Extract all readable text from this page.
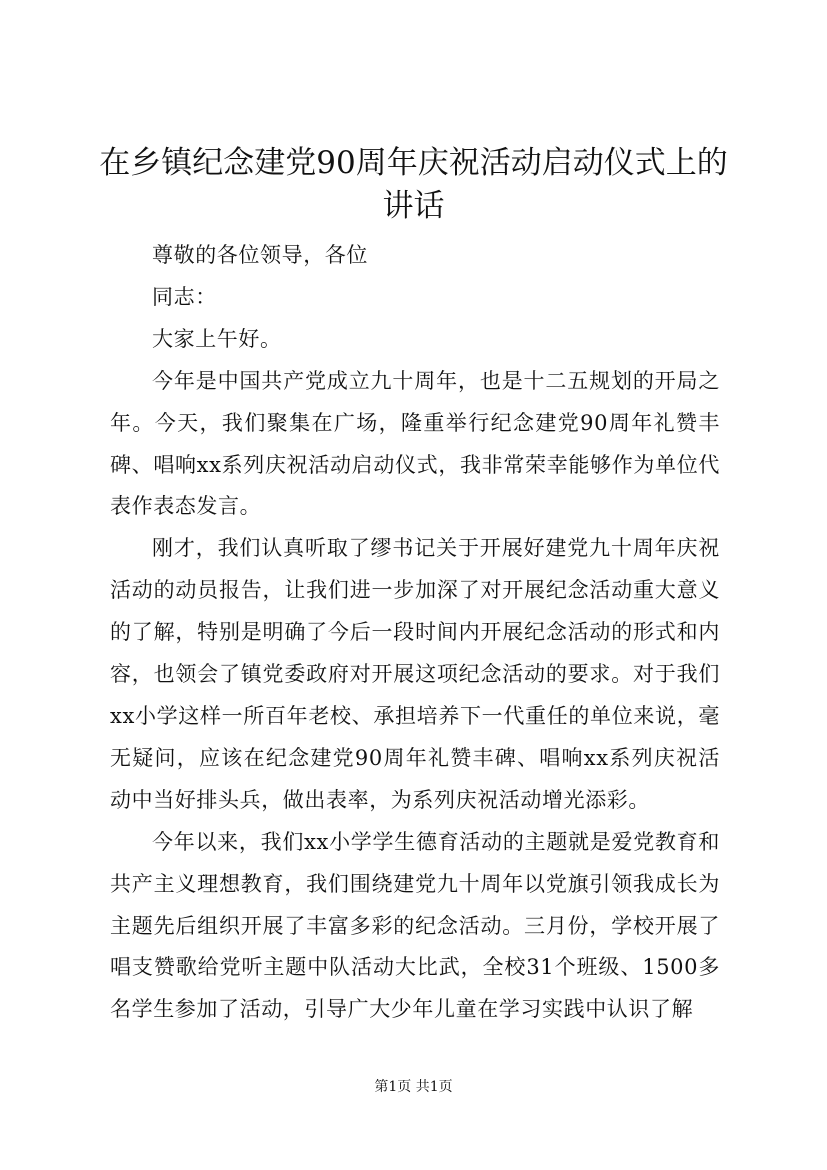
在乡镇纪念建党90周年庆祝活动启动仪式上的讲话

尊敬的各位领导，各位

同志：

大家上午好。

今年是中国共产党成立九十周年，也是十二五规划的开局之年。今天，我们聚集在广场，隆重举行纪念建党90周年礼赞丰碑、唱响xx系列庆祝活动启动仪式，我非常荣幸能够作为单位代表作表态发言。

刚才，我们认真听取了缪书记关于开展好建党九十周年庆祝活动的动员报告，让我们进一步加深了对开展纪念活动重大意义的了解，特别是明确了今后一段时间内开展纪念活动的形式和内容，也领会了镇党委政府对开展这项纪念活动的要求。对于我们xx小学这样一所百年老校、承担培养下一代重任的单位来说，毫无疑问，应该在纪念建党90周年礼赞丰碑、唱响xx系列庆祝活动中当好排头兵，做出表率，为系列庆祝活动增光添彩。

今年以来，我们xx小学学生德育活动的主题就是爱党教育和共产主义理想教育，我们围绕建党九十周年以党旗引领我成长为主题先后组织开展了丰富多彩的纪念活动。三月份，学校开展了唱支赞歌给党听主题中队活动大比武，全校31个班级、1500多名学生参加了活动，引导广大少年儿童在学习实践中认识了解

第1页 共1页
